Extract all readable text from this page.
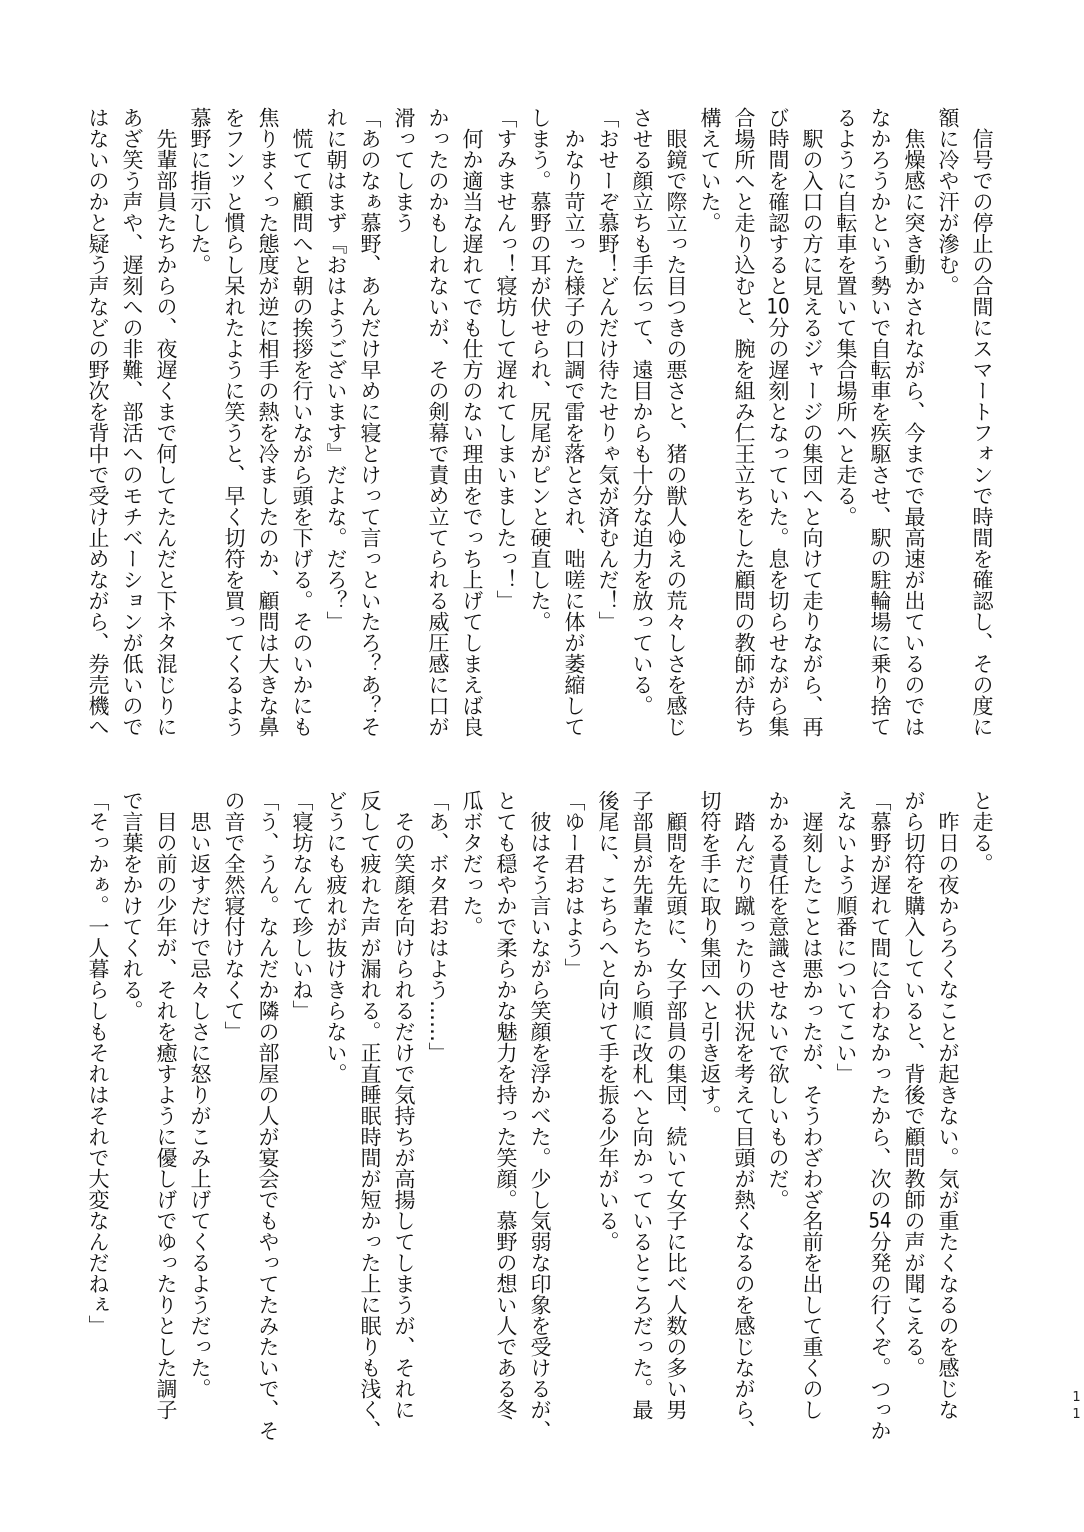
　信号での停止の合間にスマートフォンで時間を確認し、その度に
額に冷や汗が滲む。
　焦燥感に突き動かされながら、今までで最高速が出ているのでは
なかろうかという勢いで自転車を疾駆させ、駅の駐輪場に乗り捨て
るように自転車を置いて集合場所へと走る。
　駅の入口の方に見えるジャージの集団へと向けて走りながら、再
び時間を確認すると10分の遅刻となっていた。息を切らせながら集
合場所へと走り込むと、腕を組み仁王立ちをした顧問の教師が待ち
構えていた。
　眼鏡で際立った目つきの悪さと、猪の獣人ゆえの荒々しさを感じ
させる顔立ちも手伝って、遠目からも十分な迫力を放っている。
「おせーぞ慕野！どんだけ待たせりゃ気が済むんだ！」
　かなり苛立った様子の口調で雷を落とされ、咄嗟に体が萎縮して
しまう。慕野の耳が伏せられ、尻尾がピンと硬直した。
「すみませんっ！寝坊して遅れてしまいましたっ！」
　何か適当な遅れてでも仕方のない理由をでっち上げてしまえば良
かったのかもしれないが、その剣幕で責め立てられる威圧感に口が
滑ってしまう
「あのなぁ慕野、あんだけ早めに寝とけって言っといたろ？あ？そ
れに朝はまず『おはようございます』だよな。だろ？」
　慌てて顧問へと朝の挨拶を行いながら頭を下げる。そのいかにも
焦りまくった態度が逆に相手の熱を冷ましたのか、顧問は大きな鼻
をフンッと慣らし呆れたように笑うと、早く切符を買ってくるよう
慕野に指示した。
　先輩部員たちからの、夜遅くまで何してたんだと下ネタ混じりに
あざ笑う声や、遅刻への非難、部活へのモチベーションが低いので
はないのかと疑う声などの野次を背中で受け止めながら、券売機へ
と走る。
　昨日の夜からろくなことが起きない。気が重たくなるのを感じな
がら切符を購入していると、背後で顧問教師の声が聞こえる。
「慕野が遅れて間に合わなかったから、次の54分発の行くぞ。つっか
えないよう順番についてこい」
　遅刻したことは悪かったが、そうわざわざ名前を出して重くのし
かかる責任を意識させないで欲しいものだ。
　踏んだり蹴ったりの状況を考えて目頭が熱くなるのを感じながら、
切符を手に取り集団へと引き返す。
　顧問を先頭に、女子部員の集団、続いて女子に比べ人数の多い男
子部員が先輩たちから順に改札へと向かっているところだった。最
後尾に、こちらへと向けて手を振る少年がいる。
「ゆー君おはよう」
　彼はそう言いながら笑顔を浮かべた。少し気弱な印象を受けるが、
とても穏やかで柔らかな魅力を持った笑顔。慕野の想い人である冬
瓜ボタだった。
「あ、ボタ君おはよう……」
　その笑顔を向けられるだけで気持ちが高揚してしまうが、それに
反して疲れた声が漏れる。正直睡眠時間が短かった上に眠りも浅く、
どうにも疲れが抜けきらない。
「寝坊なんて珍しいね」
「う、うん。なんだか隣の部屋の人が宴会でもやってたみたいで、そ
の音で全然寝付けなくて」
　思い返すだけで忌々しさに怒りがこみ上げてくるようだった。
　目の前の少年が、それを癒すように優しげでゆったりとした調子
で言葉をかけてくれる。
「そっかぁ。一人暮らしもそれはそれで大変なんだねぇ」
11
